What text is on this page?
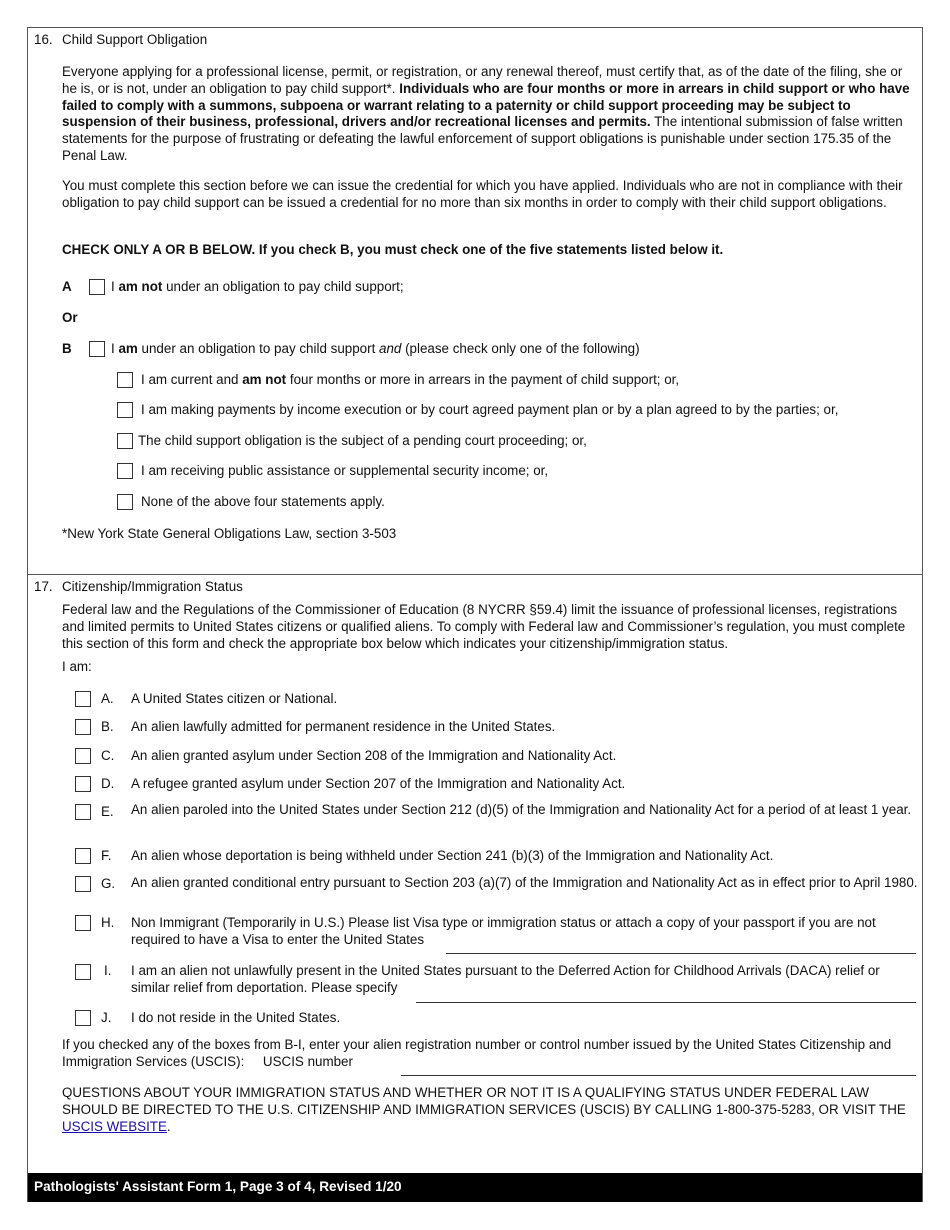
16. Child Support Obligation
Everyone applying for a professional license, permit, or registration, or any renewal thereof, must certify that, as of the date of the filing, she or he is, or is not, under an obligation to pay child support*. Individuals who are four months or more in arrears in child support or who have failed to comply with a summons, subpoena or warrant relating to a paternity or child support proceeding may be subject to suspension of their business, professional, drivers and/or recreational licenses and permits. The intentional submission of false written statements for the purpose of frustrating or defeating the lawful enforcement of support obligations is punishable under section 175.35 of the Penal Law.
You must complete this section before we can issue the credential for which you have applied. Individuals who are not in compliance with their obligation to pay child support can be issued a credential for no more than six months in order to comply with their child support obligations.
CHECK ONLY A OR B BELOW. If you check B, you must check one of the five statements listed below it.
A	I am not under an obligation to pay child support;
Or
B	I am under an obligation to pay child support and (please check only one of the following)
I am current and am not four months or more in arrears in the payment of child support; or,
I am making payments by income execution or by court agreed payment plan or by a plan agreed to by the parties; or,
The child support obligation is the subject of a pending court proceeding; or,
I am receiving public assistance or supplemental security income; or,
None of the above four statements apply.
*New York State General Obligations Law, section 3-503
17. Citizenship/Immigration Status
Federal law and the Regulations of the Commissioner of Education (8 NYCRR §59.4) limit the issuance of professional licenses, registrations and limited permits to United States citizens or qualified aliens. To comply with Federal law and Commissioner’s regulation, you must complete this section of this form and check the appropriate box below which indicates your citizenship/immigration status.
I am:
A.	A United States citizen or National.
B.	An alien lawfully admitted for permanent residence in the United States.
C.	An alien granted asylum under Section 208 of the Immigration and Nationality Act.
D.	A refugee granted asylum under Section 207 of the Immigration and Nationality Act.
E.	An alien paroled into the United States under Section 212 (d)(5) of the Immigration and Nationality Act for a period of at least 1 year.
F.	An alien whose deportation is being withheld under Section 241 (b)(3) of the Immigration and Nationality Act.
G.	An alien granted conditional entry pursuant to Section 203 (a)(7) of the Immigration and Nationality Act as in effect prior to April 1980.
H.	Non Immigrant (Temporarily in U.S.) Please list Visa type or immigration status or attach a copy of your passport if you are not required to have a Visa to enter the United States
I.	I am an alien not unlawfully present in the United States pursuant to the Deferred Action for Childhood Arrivals (DACA) relief or similar relief from deportation. Please specify
J.	I do not reside in the United States.
If you checked any of the boxes from B-I, enter your alien registration number or control number issued by the United States Citizenship and Immigration Services (USCIS): USCIS number
QUESTIONS ABOUT YOUR IMMIGRATION STATUS AND WHETHER OR NOT IT IS A QUALIFYING STATUS UNDER FEDERAL LAW SHOULD BE DIRECTED TO THE U.S. CITIZENSHIP AND IMMIGRATION SERVICES (USCIS) BY CALLING 1-800-375-5283, OR VISIT THE USCIS WEBSITE.
Pathologists' Assistant Form 1, Page 3 of 4, Revised 1/20
